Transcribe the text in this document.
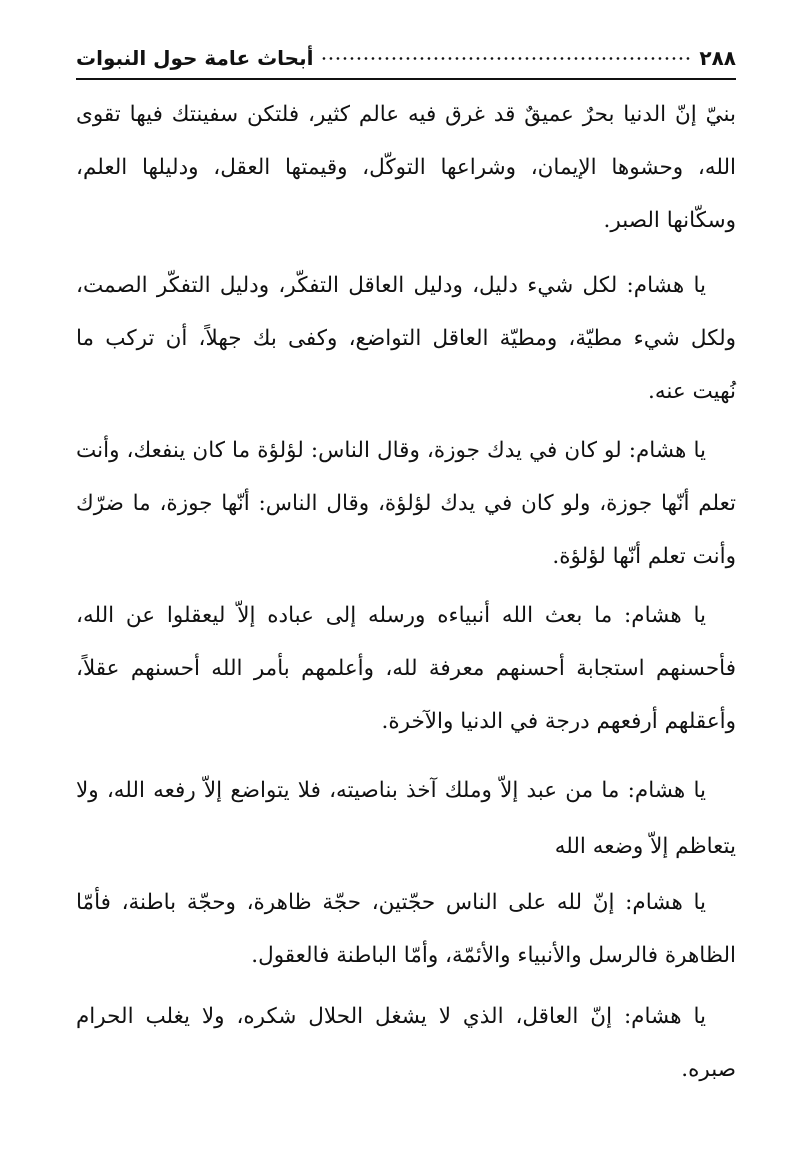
٢٨٨
أبحاث عامة حول النبوات

بنيّ إنّ الدنيا بحرٌ عميقٌ قد غرق فيه عالم كثير، فلتكن سفينتك فيها تقوى الله، وحشوها الإيمان، وشراعها التوكّل، وقيمتها العقل، ودليلها العلم، وسكّانها الصبر.

يا هشام: لكل شيء دليل، ودليل العاقل التفكّر، ودليل التفكّر الصمت، ولكل شيء مطيّة، ومطيّة العاقل التواضع، وكفى بك جهلاً، أن تركب ما نُهيت عنه.

يا هشام: لو كان في يدك جوزة، وقال الناس: لؤلؤة ما كان ينفعك، وأنت تعلم أنّها جوزة، ولو كان في يدك لؤلؤة، وقال الناس: أنّها جوزة، ما ضرّك وأنت تعلم أنّها لؤلؤة.

يا هشام: ما بعث الله أنبياءه ورسله إلى عباده إلاّ ليعقلوا عن الله، فأحسنهم استجابة أحسنهم معرفة لله، وأعلمهم بأمر الله أحسنهم عقلاً، وأعقلهم أرفعهم درجة في الدنيا والآخرة.

يا هشام: ما من عبد إلاّ وملك آخذ بناصيته، فلا يتواضع إلاّ رفعه الله، ولا يتعاظم إلاّ وضعه الله

يا هشام: إنّ لله على الناس حجّتين، حجّة ظاهرة، وحجّة باطنة، فأمّا الظاهرة فالرسل والأنبياء والأئمّة، وأمّا الباطنة فالعقول.

يا هشام: إنّ العاقل، الذي لا يشغل الحلال شكره، ولا يغلب الحرام صبره.
